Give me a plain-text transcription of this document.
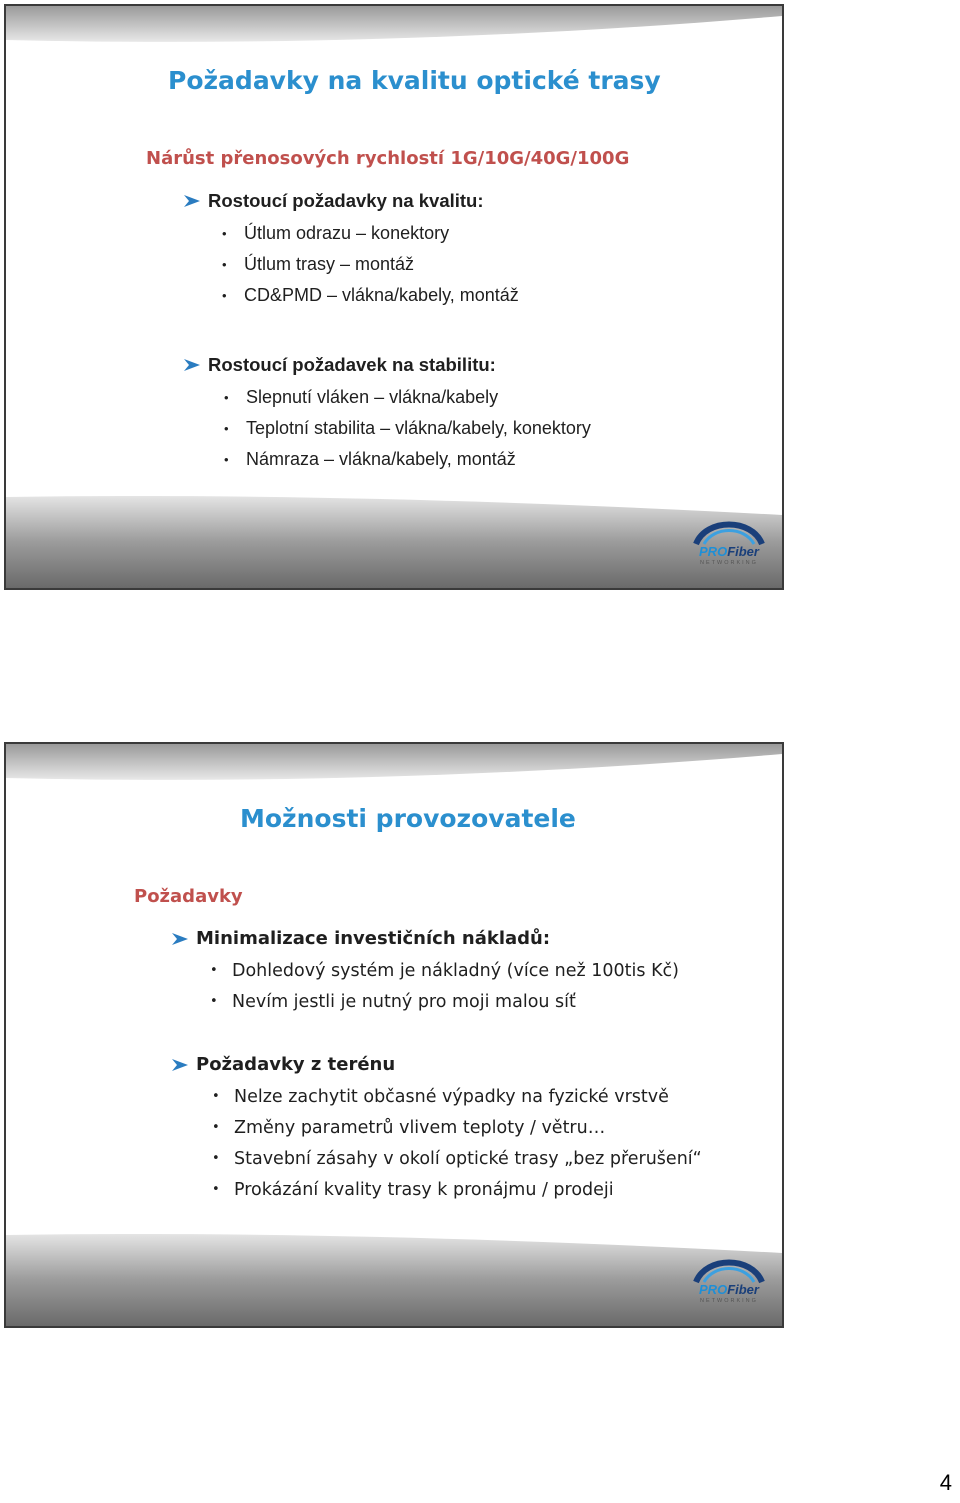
Požadavky na kvalitu optické trasy
Nárůst přenosových rychlostí 1G/10G/40G/100G
Rostoucí požadavky na kvalitu:
• Útlum odrazu – konektory
• Útlum trasy – montáž
• CD&PMD – vlákna/kabely, montáž
Rostoucí požadavek na stabilitu:
• Slepnutí vláken – vlákna/kabely
• Teplotní stabilita – vlákna/kabely, konektory
• Námraza – vlákna/kabely, montáž
PROFiber
NETWORKING
Možnosti provozovatele
Požadavky
Minimalizace investičních nákladů:
• Dohledový systém je nákladný (více než 100tis Kč)
• Nevím jestli je nutný pro moji malou síť
Požadavky z terénu
• Nelze zachytit občasné výpadky na fyzické vrstvě
• Změny parametrů vlivem teploty / větru…
• Stavební zásahy v okolí optické trasy „bez přerušení“
• Prokázání kvality trasy k pronájmu / prodeji
PROFiber
NETWORKING
4
